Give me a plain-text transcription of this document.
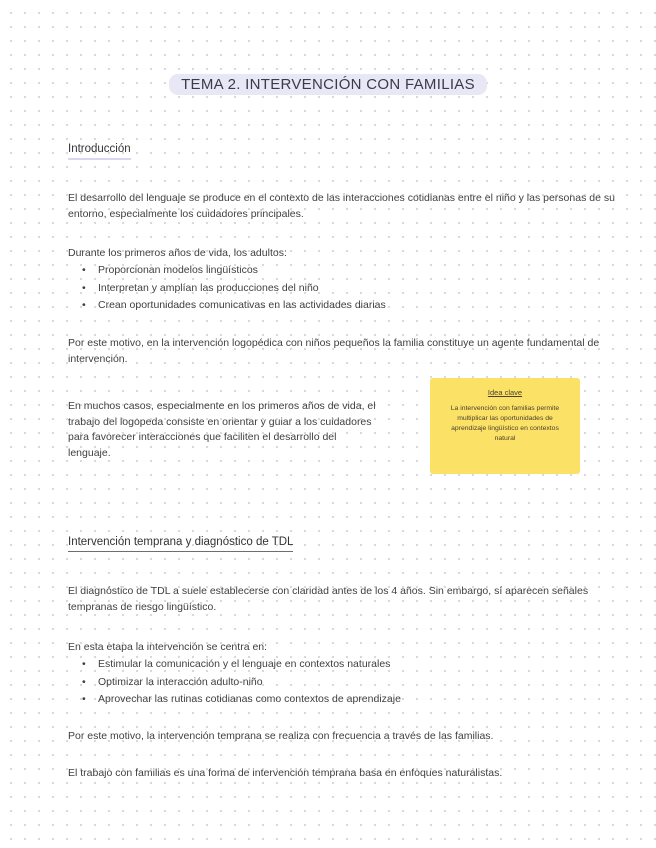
TEMA 2. INTERVENCIÓN CON FAMILIAS
Introducción

El desarrollo del lenguaje se produce en el contexto de las interacciones cotidianas entre el niño y las personas de su entorno, especialmente los cuidadores principales.

Durante los primeros años de vida, los adultos:

• Proporcionan modelos lingüísticos
• Interpretan y amplían las producciones del niño
• Crean oportunidades comunicativas en las actividades diarias

Por este motivo, en la intervención logopédica con niños pequeños la familia constituye un agente fundamental de intervención.

En muchos casos, especialmente en los primeros años de vida, el trabajo del logopeda consiste en orientar y guiar a los cuidadores para favorecer interacciones que faciliten el desarrollo del lenguaje.

Idea clave
La intervención con familias permite multiplicar las oportunidades de aprendizaje lingüístico en contextos natural
Intervención temprana y diagnóstico de TDL

El diagnóstico de TDL a suele establecerse con claridad antes de los 4 años. Sin embargo, sí aparecen señales tempranas de riesgo lingüístico.

En esta etapa la intervención se centra en:

• Estimular la comunicación y el lenguaje en contextos naturales
• Optimizar la interacción adulto-niño
• Aprovechar las rutinas cotidianas como contextos de aprendizaje

Por este motivo, la intervención temprana se realiza con frecuencia a través de las familias.

El trabajo con familias es una forma de intervención temprana basa en enfoques naturalistas.
